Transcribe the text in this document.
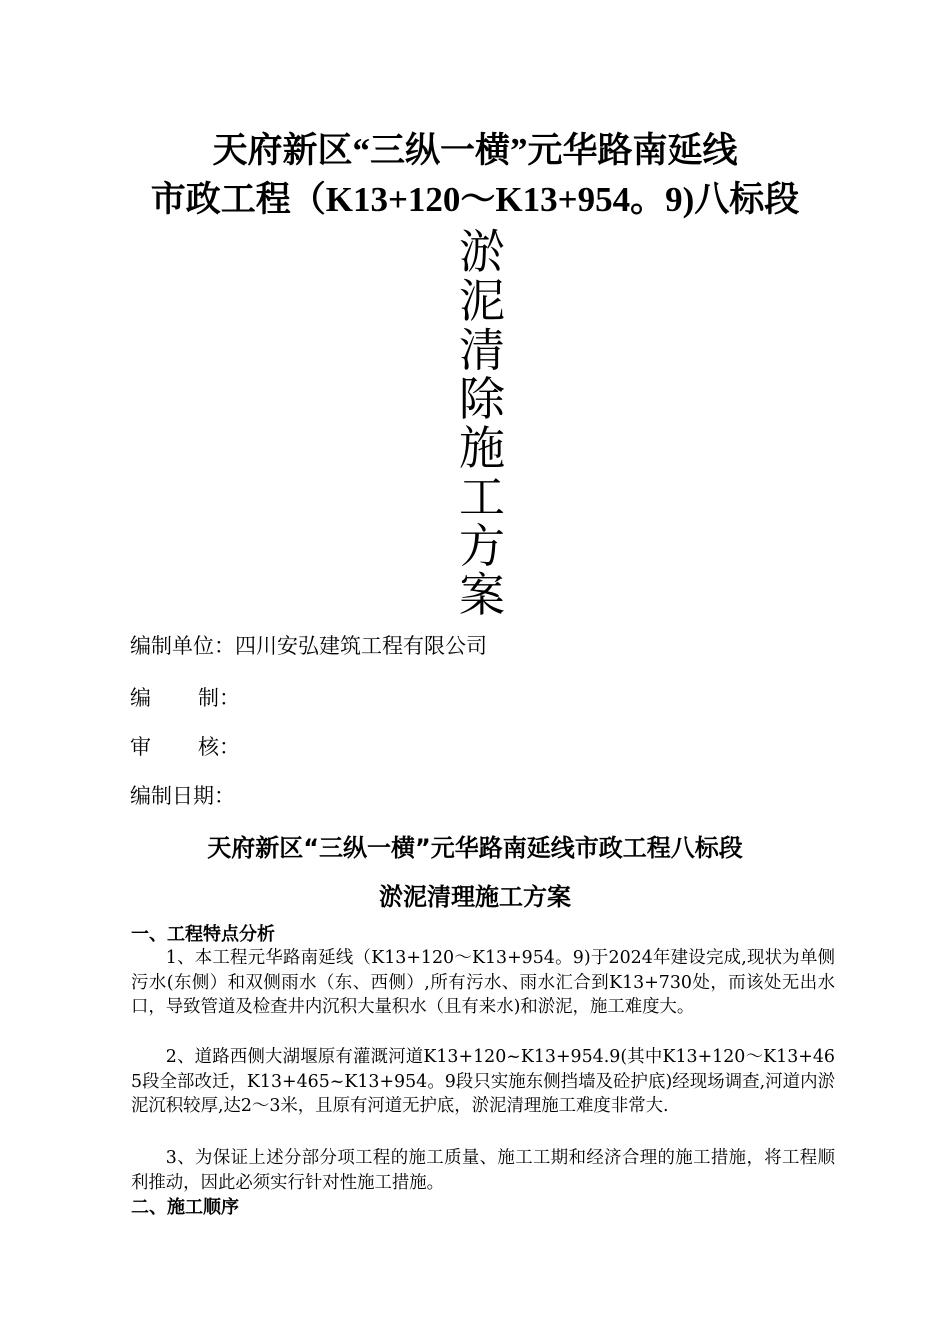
天府新区“三纵一横”元华路南延线
市政工程（K13+120～K13+954。9)八标段
淤
泥
清
除
施
工
方
案
编制单位： 四川安弘建筑工程有限公司
编 制：
审 核：
编制日期：
天府新区“三纵一横”元华路南延线市政工程八标段
淤泥清理施工方案
一、工程特点分析
1、本工程元华路南延线（K13+120～K13+954。9)于2024年建设完成,现状为单侧污水(东侧）和双侧雨水（东、西侧）,所有污水、雨水汇合到K13+730处，而该处无出水口，导致管道及检查井内沉积大量积水（且有来水)和淤泥，施工难度大。
2、道路西侧大湖堰原有灌溉河道K13+120~K13+954.9(其中K13+120～K13+465段全部改迁，K13+465~K13+954。9段只实施东侧挡墙及砼护底)经现场调查,河道内淤泥沉积较厚,达2～3米，且原有河道无护底，淤泥清理施工难度非常大.
3、为保证上述分部分项工程的施工质量、施工工期和经济合理的施工措施，将工程顺利推动，因此必须实行针对性施工措施。
二、施工顺序
